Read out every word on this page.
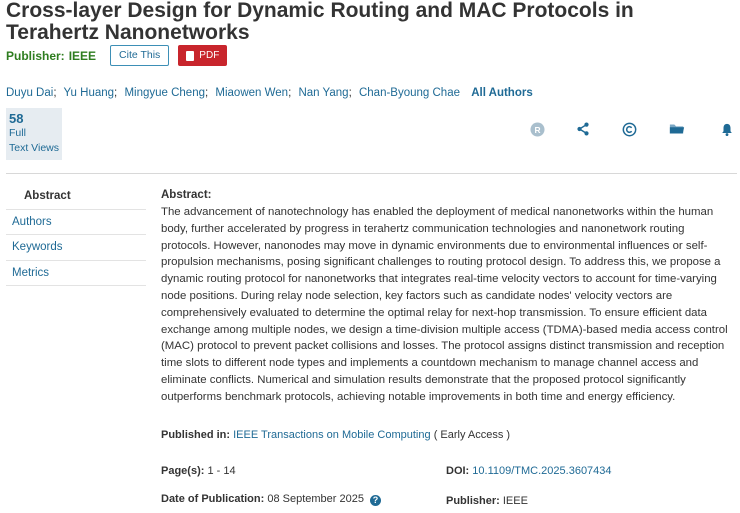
Cross-layer Design for Dynamic Routing and MAC Protocols in Terahertz Nanonetworks
Publisher: IEEE	Cite This	PDF
Duyu Dai; Yu Huang; Mingyue Cheng; Miaowen Wen; Nan Yang; Chan-Byoung Chae All Authors
58
Full
Text Views
R
Abstract
Authors
Keywords
Metrics
Abstract:
The advancement of nanotechnology has enabled the deployment of medical nanonetworks within the human body, further accelerated by progress in terahertz communication technologies and nanonetwork routing protocols. However, nanonodes may move in dynamic environments due to environmental influences or self-propulsion mechanisms, posing significant challenges to routing protocol design. To address this, we propose a dynamic routing protocol for nanonetworks that integrates real-time velocity vectors to account for time-varying node positions. During relay node selection, key factors such as candidate nodes' velocity vectors are comprehensively evaluated to determine the optimal relay for next-hop transmission. To ensure efficient data exchange among multiple nodes, we design a time-division multiple access (TDMA)-based media access control (MAC) protocol to prevent packet collisions and losses. The protocol assigns distinct transmission and reception time slots to different node types and implements a countdown mechanism to manage channel access and eliminate conflicts. Numerical and simulation results demonstrate that the proposed protocol significantly outperforms benchmark protocols, achieving notable improvements in both time and energy efficiency.
Published in: IEEE Transactions on Mobile Computing ( Early Access )
Page(s): 1 - 14	DOI: 10.1109/TMC.2025.3607434
Date of Publication: 08 September 2025 ?	Publisher: IEEE
